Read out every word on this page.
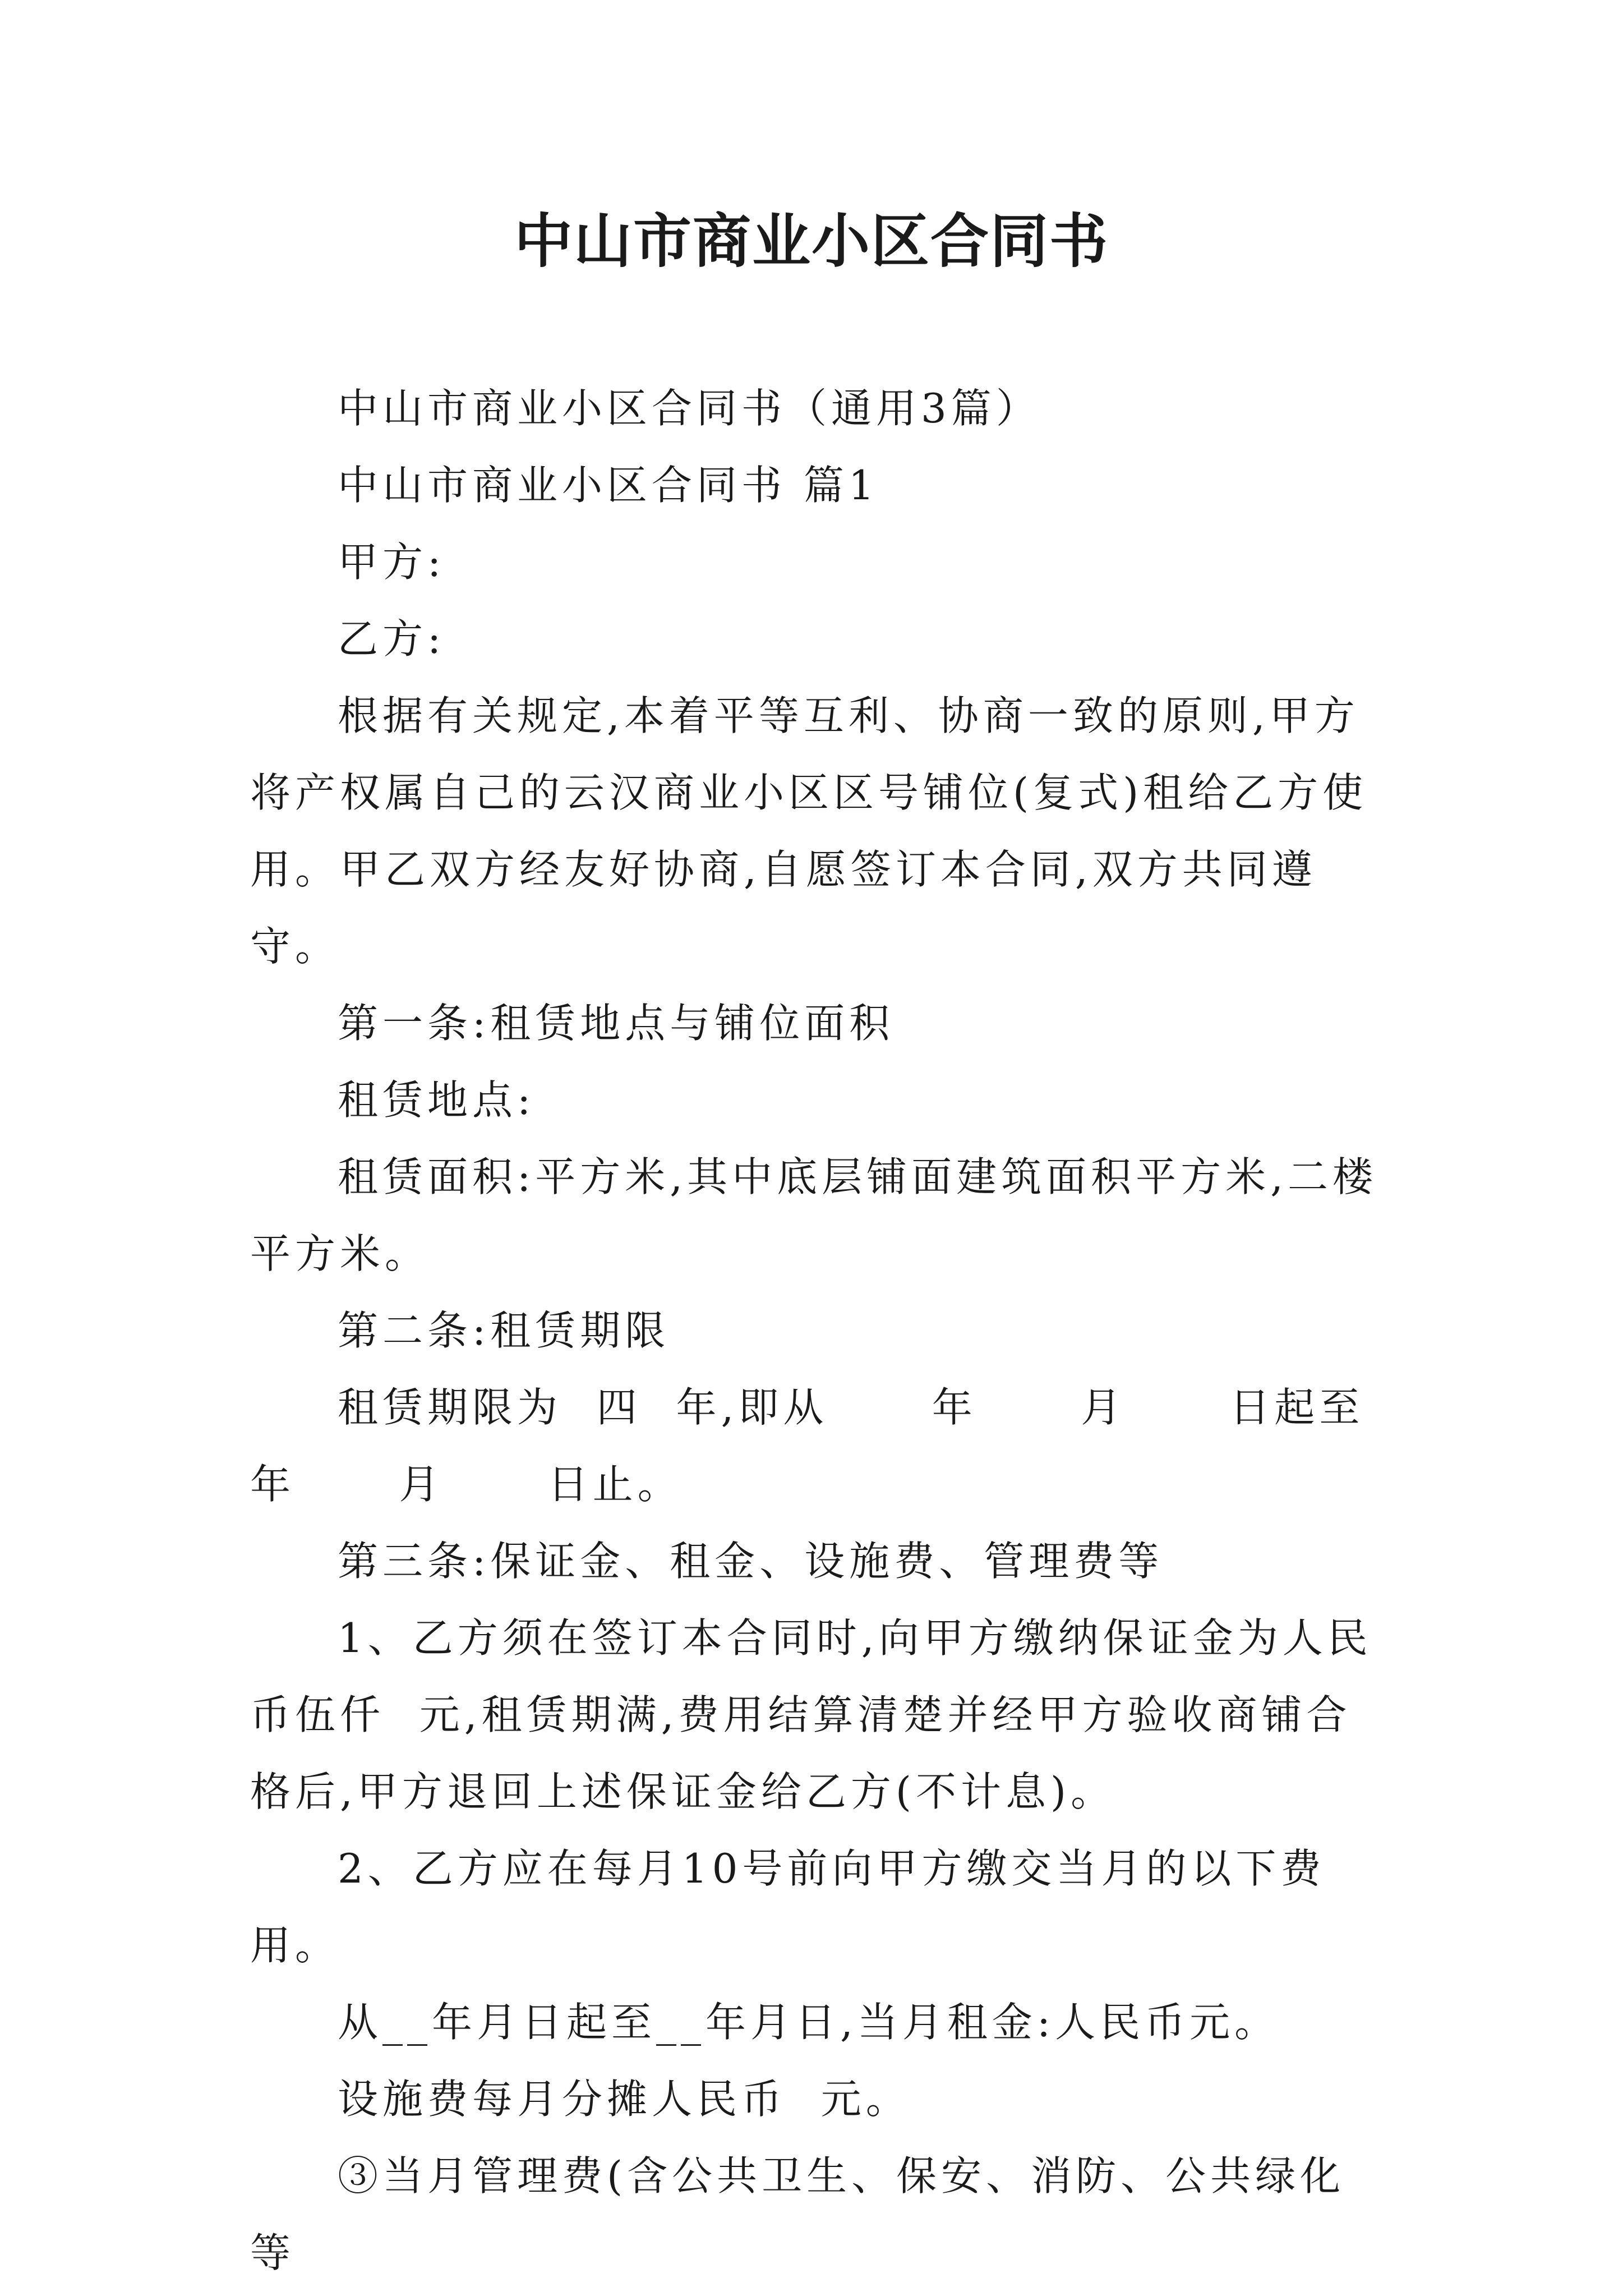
中山市商业小区合同书

中山市商业小区合同书（通用3篇）

中山市商业小区合同书 篇1

甲方:

乙方:

根据有关规定,本着平等互利、协商一致的原则,甲方将产权属自己的云汉商业小区区号铺位(复式)租给乙方使用。甲乙双方经友好协商,自愿签订本合同,双方共同遵守。

第一条:租赁地点与铺位面积

租赁地点:

租赁面积:平方米,其中底层铺面建筑面积平方米,二楼平方米。

第二条:租赁期限

租赁期限为  四  年,即从      年      月      日起至      年      月      日止。

第三条:保证金、租金、设施费、管理费等

1、乙方须在签订本合同时,向甲方缴纳保证金为人民币伍仟  元,租赁期满,费用结算清楚并经甲方验收商铺合格后,甲方退回上述保证金给乙方(不计息)。

2、乙方应在每月10号前向甲方缴交当月的以下费用。

从__年月日起至__年月日,当月租金:人民币元。

设施费每月分摊人民币  元。

③当月管理费(含公共卫生、保安、消防、公共绿化等
